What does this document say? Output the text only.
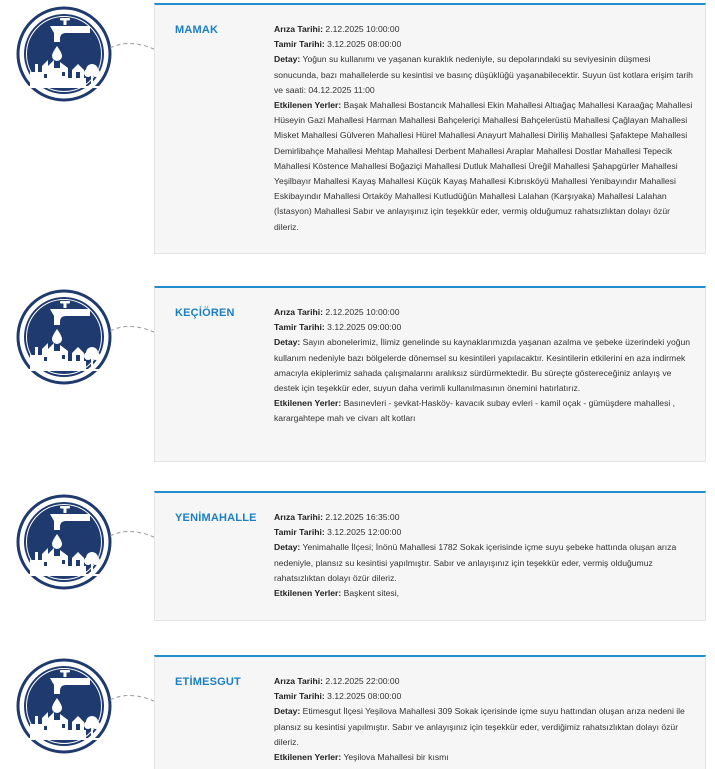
MAMAK	Arıza Tarihi: 2.12.2025 10:00:00

Tamir Tarihi: 3.12.2025 08:00:00

Detay: Yoğun su kullanımı ve yaşanan kuraklık nedeniyle, su depolarındaki su seviyesinin düşmesi sonucunda, bazı mahallelerde su kesintisi ve basınç düşüklüğü yaşanabilecektir. Suyun üst kotlara erişim tarih ve saati: 04.12.2025 11:00

Etkilenen Yerler: Başak Mahallesi Bostancık Mahallesi Ekin Mahallesi Altıağaç Mahallesi Karaağaç Mahallesi Hüseyin Gazi Mahallesi Harman Mahallesi Bahçeleriçi Mahallesi Bahçelerüstü Mahallesi Çağlayan Mahallesi Misket Mahallesi Gülveren Mahallesi Hürel Mahallesi Anayurt Mahallesi Diriliş Mahallesi Şafaktepe Mahallesi Demirlibahçe Mahallesi Mehtap Mahallesi Derbent Mahallesi Araplar Mahallesi Dostlar Mahallesi Tepecik Mahallesi Köstence Mahallesi Boğaziçi Mahallesi Dutluk Mahallesi Üreğil Mahallesi Şahapgürler Mahallesi Yeşilbayır Mahallesi Kayaş Mahallesi Küçük Kayaş Mahallesi Kıbrısköyü Mahallesi Yenibayındır Mahallesi Eskibayındır Mahallesi Ortaköy Mahallesi Kutludüğün Mahallesi Lalahan (Karşıyaka) Mahallesi Lalahan (İstasyon) Mahallesi Sabır ve anlayışınız için teşekkür eder, vermiş olduğumuz rahatsızlıktan dolayı özür dileriz.

KEÇİÖREN	Arıza Tarihi: 2.12.2025 10:00:00

Tamir Tarihi: 3.12.2025 09:00:00

Detay: Sayın abonelerimiz, İlimiz genelinde su kaynaklarımızda yaşanan azalma ve şebeke üzerindeki yoğun kullanım nedeniyle bazı bölgelerde dönemsel su kesintileri yapılacaktır. Kesintilerin etkilerini en aza indirmek amacıyla ekiplerimiz sahada çalışmalarını aralıksız sürdürmektedir. Bu süreçte göstereceğiniz anlayış ve destek için teşekkür eder, suyun daha verimli kullanılmasının önemini hatırlatırız.

Etkilenen Yerler: Basınevleri - şevkat-Hasköy- kavacık subay evleri - kamil oçak - gümüşdere mahallesi , karargahtepe mah ve civarı alt kotları

YENİMAHALLE Arıza Tarihi: 2.12.2025 16:35:00

Tamir Tarihi: 3.12.2025 12:00:00

Detay: Yenimahalle İlçesi; İnönü Mahallesi 1782 Sokak içerisinde içme suyu şebeke hattında oluşan arıza nedeniyle, plansız su kesintisi yapılmıştır. Sabır ve anlayışınız için teşekkür eder, vermiş olduğumuz rahatsızlıktan dolayı özür dileriz.

Etkilenen Yerler: Başkent sitesi,

ETİMESGUT	Arıza Tarihi: 2.12.2025 22:00:00

Tamir Tarihi: 3.12.2025 08:00:00

Detay: Etimesgut İlçesi Yeşilova Mahallesi 309 Sokak içerisinde içme suyu hattından oluşan arıza nedeni ile plansız su kesintisi yapılmıştır. Sabır ve anlayışınız için teşekkür eder, verdiğimiz rahatsızlıktan dolayı özür dileriz.

Etkilenen Yerler: Yeşilova Mahallesi bir kısmı
